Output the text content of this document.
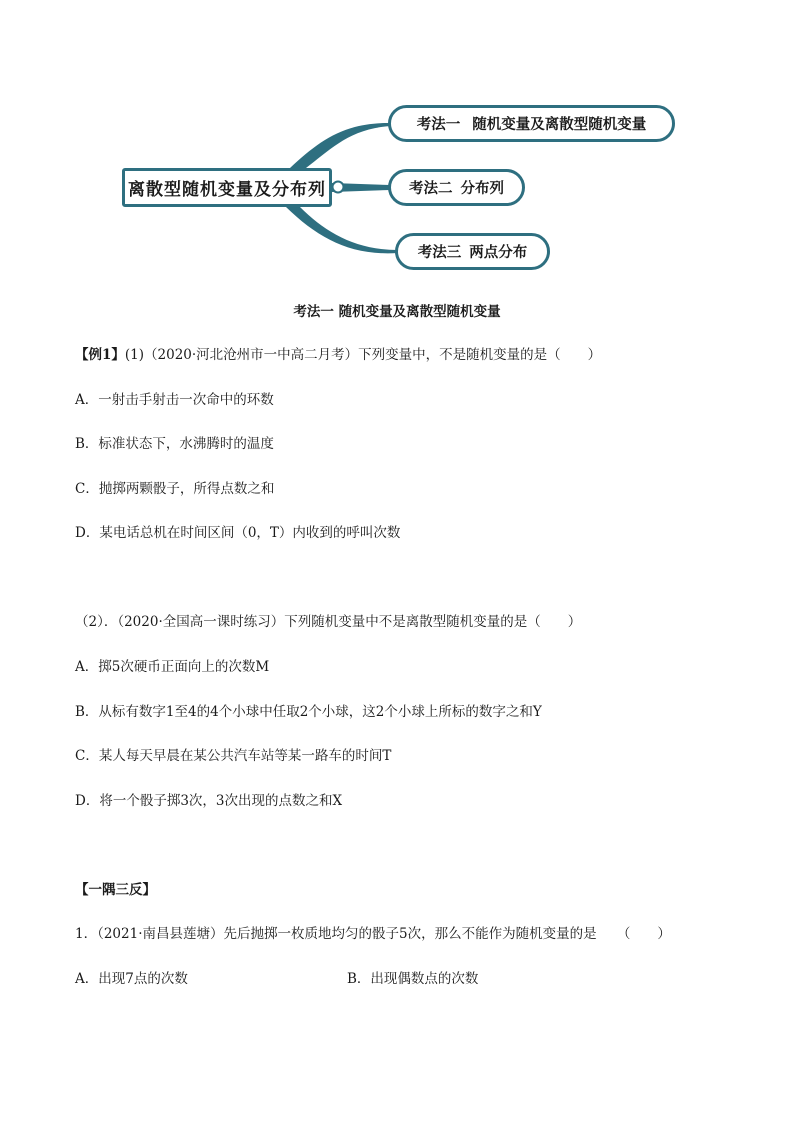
离散型随机变量及分布列
考法一 随机变量及离散型随机变量
考法二 分布列
考法三 两点分布
考法一 随机变量及离散型随机变量
【例1】(1)（2020·河北沧州市一中高二月考）下列变量中，不是随机变量的是（　　）
A．一射击手射击一次命中的环数
B．标准状态下，水沸腾时的温度
C．抛掷两颗骰子，所得点数之和
D．某电话总机在时间区间（0，T）内收到的呼叫次数
（2）．（2020·全国高一课时练习）下列随机变量中不是离散型随机变量的是（　　）
A．掷5次硬币正面向上的次数M
B．从标有数字1至4的4个小球中任取2个小球，这2个小球上所标的数字之和Y
C．某人每天早晨在某公共汽车站等某一路车的时间T
D．将一个骰子掷3次，3次出现的点数之和X
【一隅三反】
1．（2021·南昌县莲塘）先后抛掷一枚质地均匀的骰子5次，那么不能作为随机变量的是　　（　　）
A．出现7点的次数	B．出现偶数点的次数
